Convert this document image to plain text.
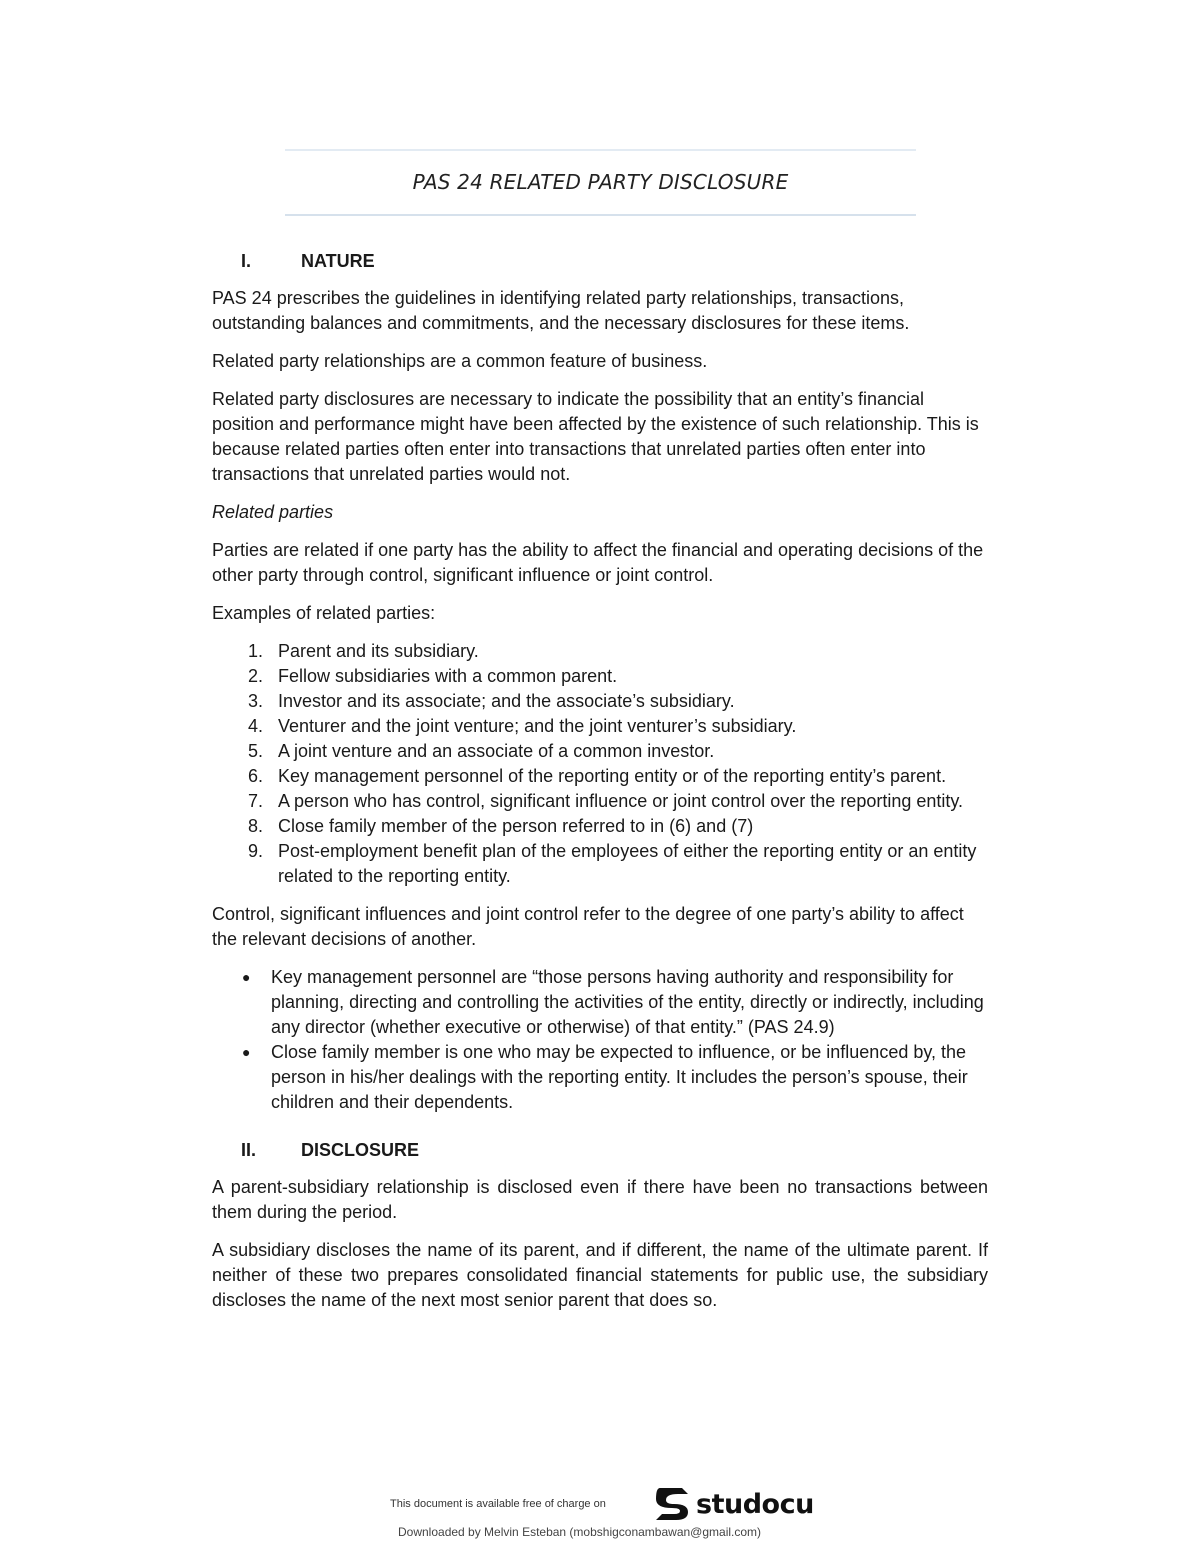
PAS 24 RELATED PARTY DISCLOSURE
I.	NATURE

PAS 24 prescribes the guidelines in identifying related party relationships, transactions, outstanding balances and commitments, and the necessary disclosures for these items.

Related party relationships are a common feature of business.

Related party disclosures are necessary to indicate the possibility that an entity’s financial position and performance might have been affected by the existence of such relationship. This is because related parties often enter into transactions that unrelated parties often enter into transactions that unrelated parties would not.

Related parties

Parties are related if one party has the ability to affect the financial and operating decisions of the other party through control, significant influence or joint control.

Examples of related parties:

1. Parent and its subsidiary.
2. Fellow subsidiaries with a common parent.
3. Investor and its associate; and the associate’s subsidiary.
4. Venturer and the joint venture; and the joint venturer’s subsidiary.
5. A joint venture and an associate of a common investor.
6. Key management personnel of the reporting entity or of the reporting entity’s parent.
7. A person who has control, significant influence or joint control over the reporting entity.
8. Close family member of the person referred to in (6) and (7)
9. Post-employment benefit plan of the employees of either the reporting entity or an entity related to the reporting entity.

Control, significant influences and joint control refer to the degree of one party’s ability to affect the relevant decisions of another.

●	Key management personnel are “those persons having authority and responsibility for planning, directing and controlling the activities of the entity, directly or indirectly, including any director (whether executive or otherwise) of that entity.” (PAS 24.9)
●	Close family member is one who may be expected to influence, or be influenced by, the person in his/her dealings with the reporting entity. It includes the person’s spouse, their children and their dependents.
II.	DISCLOSURE

A parent-subsidiary relationship is disclosed even if there have been no transactions between them during the period.

A subsidiary discloses the name of its parent, and if different, the name of the ultimate parent. If neither of these two prepares consolidated financial statements for public use, the subsidiary discloses the name of the next most senior parent that does so.

This document is available free of charge on	studocu
Downloaded by Melvin Esteban (mobshigconambawan@gmail.com)
